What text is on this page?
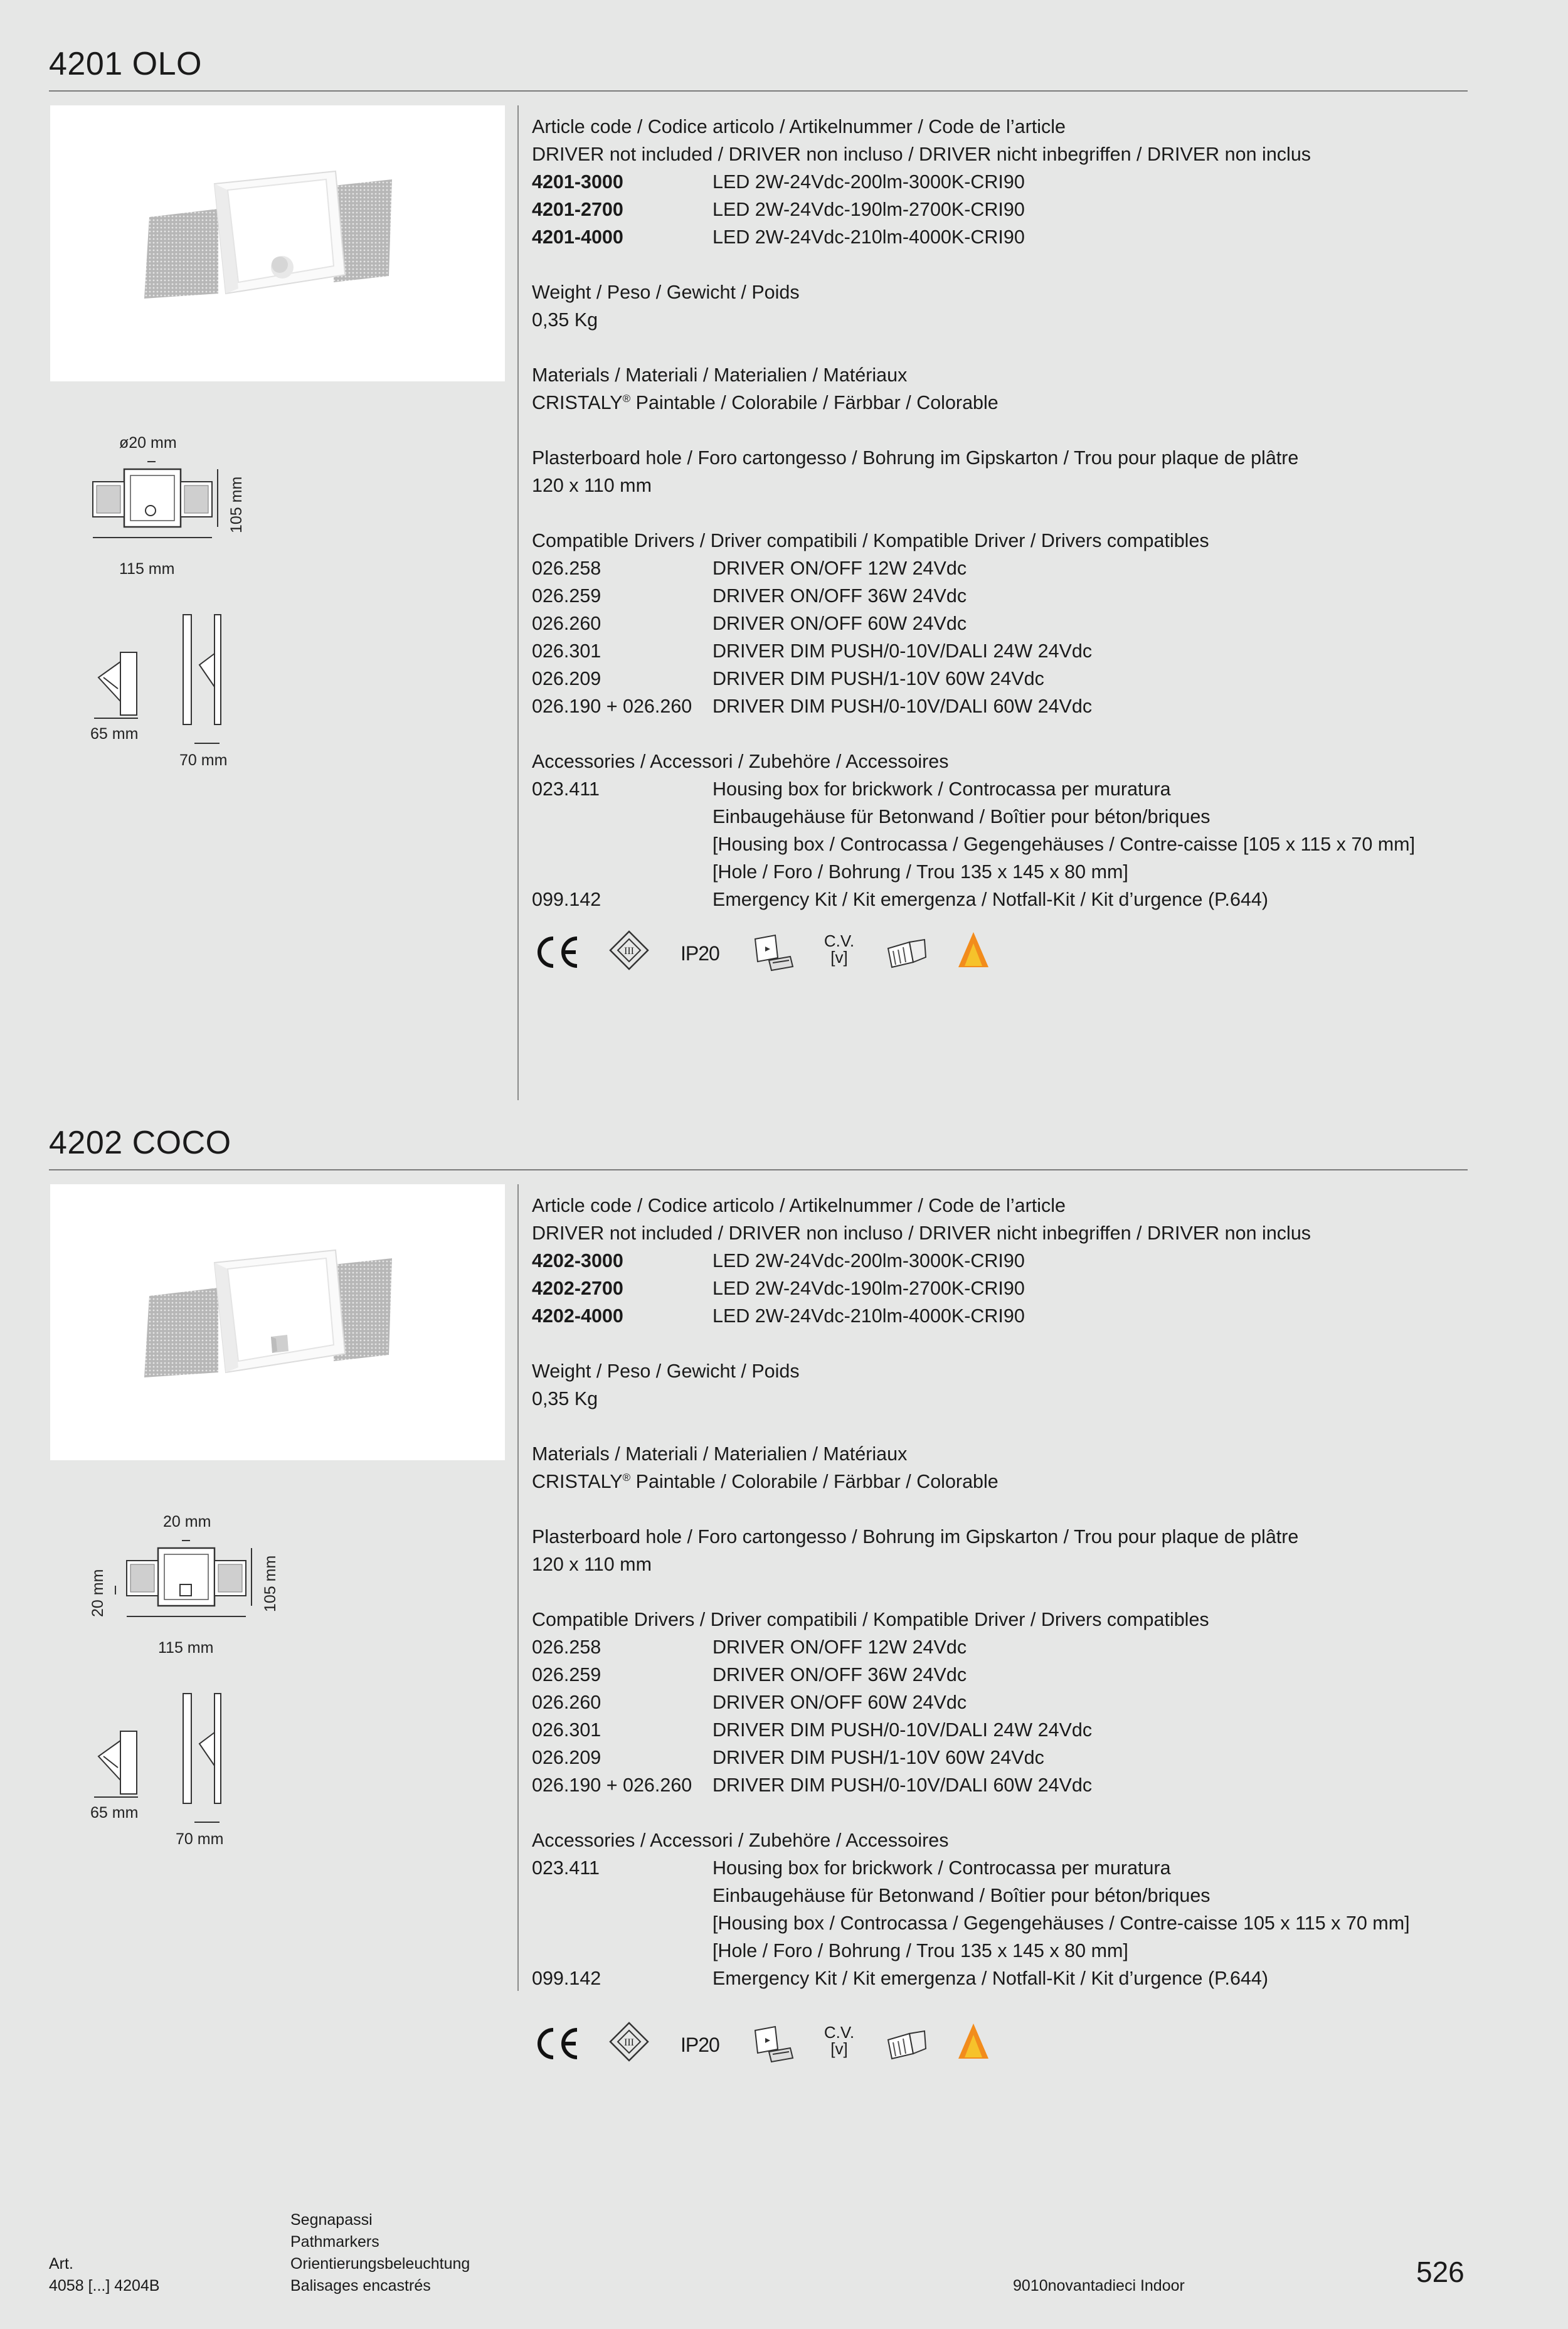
4201 OLO
ø20 mm
105 mm
115 mm
65 mm
70 mm
Article code / Codice articolo / Artikelnummer / Code de l’article
DRIVER not included / DRIVER non incluso / DRIVER nicht inbegriffen / DRIVER non inclus
4201-3000	LED 2W-24Vdc-200lm-3000K-CRI90
4201-2700	LED 2W-24Vdc-190lm-2700K-CRI90
4201-4000	LED 2W-24Vdc-210lm-4000K-CRI90
Weight / Peso / Gewicht / Poids
0,35 Kg
Materials / Materiali / Materialien / Matériaux
CRISTALY® Paintable / Colorabile / Färbbar / Colorable
Plasterboard hole / Foro cartongesso / Bohrung im Gipskarton / Trou pour plaque de plâtre
120 x 110 mm
Compatible Drivers / Driver compatibili / Kompatible Driver / Drivers compatibles
026.258	DRIVER ON/OFF 12W 24Vdc
026.259	DRIVER ON/OFF 36W 24Vdc
026.260	DRIVER ON/OFF 60W 24Vdc
026.301	DRIVER DIM PUSH/0-10V/DALI 24W 24Vdc
026.209	DRIVER DIM PUSH/1-10V 60W 24Vdc
026.190 + 026.260	DRIVER DIM PUSH/0-10V/DALI 60W 24Vdc
Accessories / Accessori / Zubehöre / Accessoires
023.411	Housing box for brickwork / Controcassa per muratura
Einbaugehäuse für Betonwand / Boîtier pour béton/briques
[Housing box / Controcassa / Gegengehäuses / Contre-caisse [105 x 115 x 70 mm]
[Hole / Foro / Bohrung / Trou 135 x 145 x 80 mm]
099.142	Emergency Kit / Kit emergenza / Notfall-Kit / Kit d’urgence (P.644)
III IP20
C.V.
[v]
4202 COCO
20 mm
20 mm	105 mm
115 mm
65 mm
70 mm
Article code / Codice articolo / Artikelnummer / Code de l’article
DRIVER not included / DRIVER non incluso / DRIVER nicht inbegriffen / DRIVER non inclus
4202-3000	LED 2W-24Vdc-200lm-3000K-CRI90
4202-2700	LED 2W-24Vdc-190lm-2700K-CRI90
4202-4000	LED 2W-24Vdc-210lm-4000K-CRI90
Weight / Peso / Gewicht / Poids
0,35 Kg
Materials / Materiali / Materialien / Matériaux
CRISTALY® Paintable / Colorabile / Färbbar / Colorable
Plasterboard hole / Foro cartongesso / Bohrung im Gipskarton / Trou pour plaque de plâtre
120 x 110 mm
Compatible Drivers / Driver compatibili / Kompatible Driver / Drivers compatibles
026.258	DRIVER ON/OFF 12W 24Vdc
026.259	DRIVER ON/OFF 36W 24Vdc
026.260	DRIVER ON/OFF 60W 24Vdc
026.301	DRIVER DIM PUSH/0-10V/DALI 24W 24Vdc
026.209	DRIVER DIM PUSH/1-10V 60W 24Vdc
026.190 + 026.260	DRIVER DIM PUSH/0-10V/DALI 60W 24Vdc
Accessories / Accessori / Zubehöre / Accessoires
023.411	Housing box for brickwork / Controcassa per muratura
Einbaugehäuse für Betonwand / Boîtier pour béton/briques
[Housing box / Controcassa / Gegengehäuses / Contre-caisse 105 x 115 x 70 mm]
[Hole / Foro / Bohrung / Trou 135 x 145 x 80 mm]
099.142	Emergency Kit / Kit emergenza / Notfall-Kit / Kit d’urgence (P.644)
III IP20
C.V.
[v]
Art.
4058 [...] 4204B
Segnapassi
Pathmarkers
Orientierungsbeleuchtung
Balisages encastrés	9010novantadieci Indoor	526
